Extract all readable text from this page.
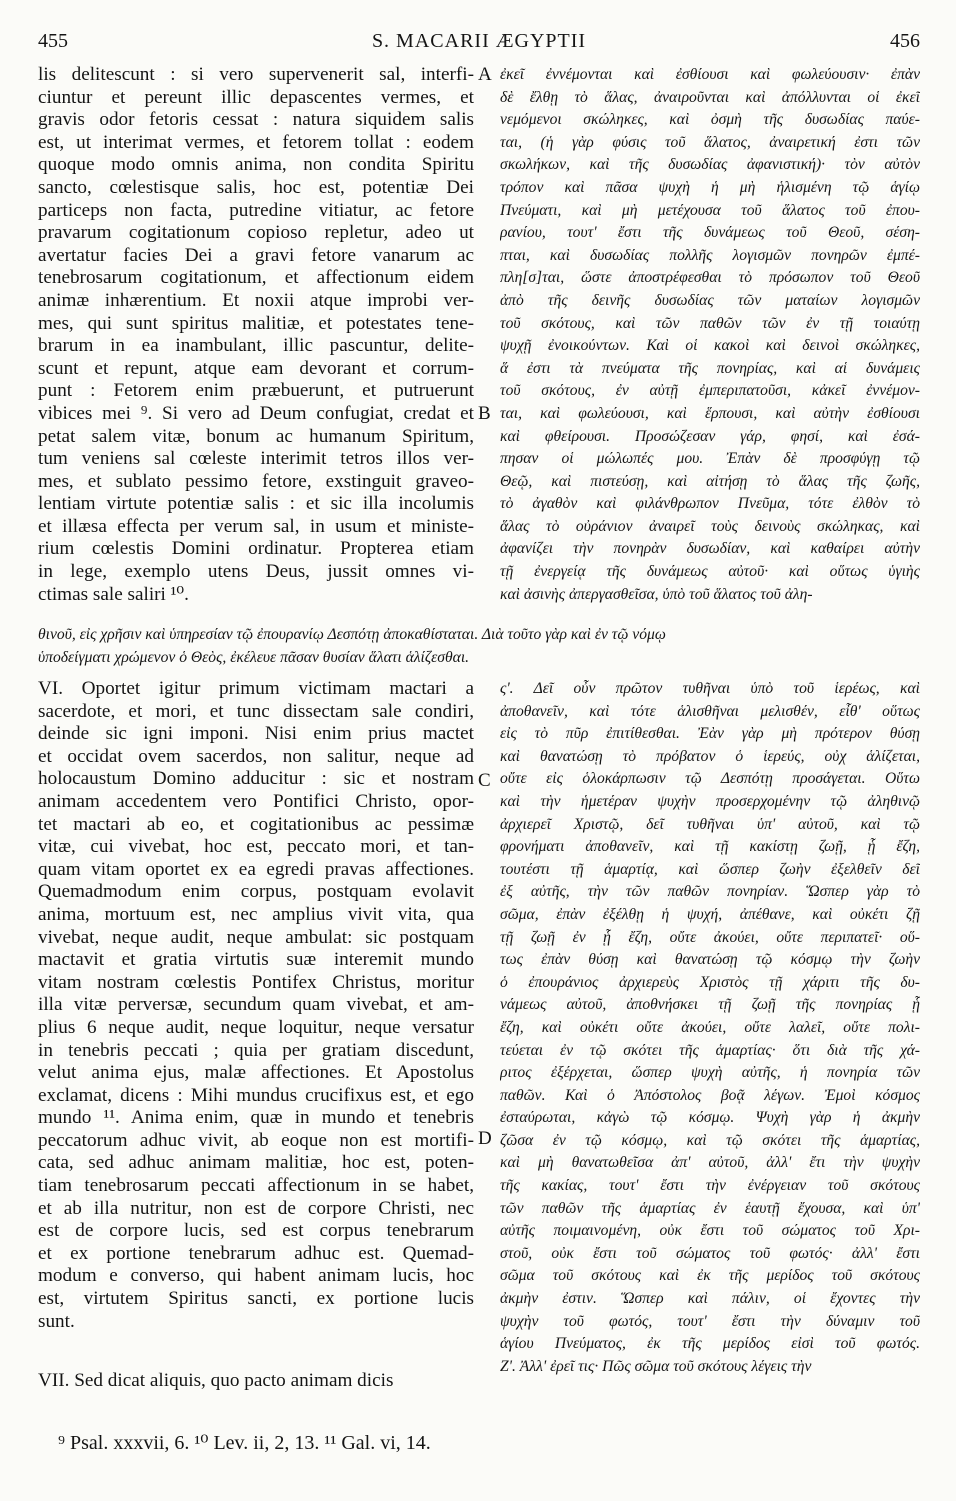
455	S. MACARII ÆGYPTII	456
lis delitescunt : si vero supervenerit sal, interfi-
ciuntur et pereunt illic depascentes vermes, et
gravis odor fetoris cessat : natura siquidem salis
est, ut interimat vermes, et fetorem tollat : eodem
quoque modo omnis anima, non condita Spiritu
sancto, cœlestisque salis, hoc est, potentiæ Dei
particeps non facta, putredine vitiatur, ac fetore
pravarum cogitationum copioso repletur, adeo ut
avertatur facies Dei a gravi fetore vanarum ac
tenebrosarum cogitationum, et affectionum eidem
animæ inhærentium. Et noxii atque improbi ver-
mes, qui sunt spiritus malitiæ, et potestates tene-
brarum in ea inambulant, illic pascuntur, delite-
scunt et repunt, atque eam devorant et corrum-
punt : Fetorem enim præbuerunt, et putruerunt
vibices mei ⁹. Si vero ad Deum confugiat, credat et
petat salem vitæ, bonum ac humanum Spiritum,
tum veniens sal cœleste interimit tetros illos ver-
mes, et sublato pessimo fetore, exstinguit graveo-
lentiam virtute potentiæ salis : et sic illa incolumis
et illæsa effecta per verum sal, in usum et ministe-
rium cœlestis Domini ordinatur. Propterea etiam
in lege, exemplo utens Deus, jussit omnes vi-
ctimas sale saliri ¹⁰.
ἐκεῖ ἐννέμονται καὶ ἐσθίουσι καὶ φωλεύουσιν· ἐπὰν
δὲ ἔλθῃ τὸ ἅλας, ἀναιροῦνται καὶ ἀπόλλυνται οἱ ἐκεῖ
νεμόμενοι σκώληκες, καὶ ὀσμὴ τῆς δυσωδίας παύε-
ται, (ἡ γὰρ φύσις τοῦ ἅλατος, ἀναιρετική ἐστι τῶν
σκωλήκων, καὶ τῆς δυσωδίας ἀφανιστική)· τὸν αὐτὸν
τρόπον καὶ πᾶσα ψυχὴ ἡ μὴ ἡλισμένη τῷ ἁγίῳ
Πνεύματι, καὶ μὴ μετέχουσα τοῦ ἅλατος τοῦ ἐπου-
ρανίου, τουτ' ἔστι τῆς δυνάμεως τοῦ Θεοῦ, σέση-
πται, καὶ δυσωδίας πολλῆς λογισμῶν πονηρῶν ἐμπέ-
πλη[σ]ται, ὥστε ἀποστρέφεσθαι τὸ πρόσωπον τοῦ Θεοῦ
ἀπὸ τῆς δεινῆς δυσωδίας τῶν ματαίων λογισμῶν
τοῦ σκότους, καὶ τῶν παθῶν τῶν ἐν τῇ τοιαύτῃ
ψυχῇ ἐνοικούντων. Καὶ οἱ κακοὶ καὶ δεινοὶ σκώληκες,
ἅ ἐστι τὰ πνεύματα τῆς πονηρίας, καὶ αἱ δυνάμεις
τοῦ σκότους, ἐν αὐτῇ ἐμπεριπατοῦσι, κἀκεῖ ἐννέμον-
ται, καὶ φωλεύουσι, καὶ ἕρπουσι, καὶ αὐτὴν ἐσθίουσι
καὶ φθείρουσι. Προσώζεσαν γάρ, φησί, καὶ ἐσά-
πησαν οἱ μώλωπές μου. Ἐπὰν δὲ προσφύγῃ τῷ
Θεῷ, καὶ πιστεύσῃ, καὶ αἰτήσῃ τὸ ἅλας τῆς ζωῆς,
τὸ ἀγαθὸν καὶ φιλάνθρωπον Πνεῦμα, τότε ἐλθὸν τὸ
ἅλας τὸ οὐράνιον ἀναιρεῖ τοὺς δεινοὺς σκώληκας, καὶ
ἀφανίζει τὴν πονηρὰν δυσωδίαν, καὶ καθαίρει αὐτὴν
τῇ ἐνεργείᾳ τῆς δυνάμεως αὐτοῦ· καὶ οὕτως ὑγιὴς
καὶ ἀσινὴς ἀπεργασθεῖσα, ὑπὸ τοῦ ἅλατος τοῦ ἀλη-
θινοῦ, εἰς χρῆσιν καὶ ὑπηρεσίαν τῷ ἐπουρανίῳ Δεσπότῃ ἀποκαθίσταται. Διὰ τοῦτο γὰρ καὶ ἐν τῷ νόμῳ
ὑποδείγματι χρώμενον ὁ Θεὸς, ἐκέλευε πᾶσαν θυσίαν ἅλατι ἁλίζεσθαι.
VI. Oportet igitur primum victimam mactari a
sacerdote, et mori, et tunc dissectam sale condiri,
deinde sic igni imponi. Nisi enim prius mactet
et occidat ovem sacerdos, non salitur, neque ad
holocaustum Domino adducitur : sic et nostram
animam accedentem vero Pontifici Christo, opor-
tet mactari ab eo, et cogitationibus ac pessimæ
vitæ, cui vivebat, hoc est, peccato mori, et tan-
quam vitam oportet ex ea egredi pravas affectiones.
Quemadmodum enim corpus, postquam evolavit
anima, mortuum est, nec amplius vivit vita, qua
vivebat, neque audit, neque ambulat: sic postquam
mactavit et gratia virtutis suæ interemit mundo
vitam nostram cœlestis Pontifex Christus, moritur
illa vitæ perversæ, secundum quam vivebat, et am-
plius 6 neque audit, neque loquitur, neque versatur
in tenebris peccati ; quia per gratiam discedunt,
velut anima ejus, malæ affectiones. Et Apostolus
exclamat, dicens : Mihi mundus crucifixus est, et ego
mundo ¹¹. Anima enim, quæ in mundo et tenebris
peccatorum adhuc vivit, ab eoque non est mortifi-
cata, sed adhuc animam malitiæ, hoc est, poten-
tiam tenebrosarum peccati affectionum in se habet,
et ab illa nutritur, non est de corpore Christi, nec
est de corpore lucis, sed est corpus tenebrarum
et ex portione tenebrarum adhuc est. Quemad-
modum e converso, qui habent animam lucis, hoc
est, virtutem Spiritus sancti, ex portione lucis
sunt.
VII. Sed dicat aliquis, quo pacto animam dicis
ς'. Δεῖ οὖν πρῶτον τυθῆναι ὑπὸ τοῦ ἱερέως, καὶ
ἀποθανεῖν, καὶ τότε ἁλισθῆναι μελισθέν, εἶθ' οὕτως
εἰς τὸ πῦρ ἐπιτίθεσθαι. Ἐὰν γὰρ μὴ πρότερον θύσῃ
καὶ θανατώσῃ τὸ πρόβατον ὁ ἱερεύς, οὐχ ἁλίζεται,
οὔτε εἰς ὁλοκάρπωσιν τῷ Δεσπότῃ προσάγεται. Οὕτω
καὶ τὴν ἡμετέραν ψυχὴν προσερχομένην τῷ ἀληθινῷ
ἀρχιερεῖ Χριστῷ, δεῖ τυθῆναι ὑπ' αὐτοῦ, καὶ τῷ
φρονήματι ἀποθανεῖν, καὶ τῇ κακίστῃ ζωῇ, ᾗ ἔζη,
τουτέστι τῇ ἁμαρτίᾳ, καὶ ὥσπερ ζωὴν ἐξελθεῖν δεῖ
ἐξ αὐτῆς, τὴν τῶν παθῶν πονηρίαν. Ὥσπερ γὰρ τὸ
σῶμα, ἐπὰν ἐξέλθῃ ἡ ψυχή, ἀπέθανε, καὶ οὐκέτι ζῇ
τῇ ζωῇ ἐν ᾗ ἔζη, οὔτε ἀκούει, οὔτε περιπατεῖ· οὕ-
τως ἐπὰν θύσῃ καὶ θανατώσῃ τῷ κόσμῳ τὴν ζωὴν
ὁ ἐπουράνιος ἀρχιερεὺς Χριστὸς τῇ χάριτι τῆς δυ-
νάμεως αὐτοῦ, ἀποθνήσκει τῇ ζωῇ τῆς πονηρίας ᾗ
ἔζη, καὶ οὐκέτι οὔτε ἀκούει, οὔτε λαλεῖ, οὔτε πολι-
τεύεται ἐν τῷ σκότει τῆς ἁμαρτίας· ὅτι διὰ τῆς χά-
ριτος ἐξέρχεται, ὥσπερ ψυχὴ αὐτῆς, ἡ πονηρία τῶν
παθῶν. Καὶ ὁ Ἀπόστολος βοᾷ λέγων. Ἐμοὶ κόσμος
ἐσταύρωται, κἀγὼ τῷ κόσμῳ. Ψυχὴ γὰρ ἡ ἀκμὴν
ζῶσα ἐν τῷ κόσμῳ, καὶ τῷ σκότει τῆς ἁμαρτίας,
καὶ μὴ θανατωθεῖσα ἀπ' αὐτοῦ, ἀλλ' ἔτι τὴν ψυχὴν
τῆς κακίας, τουτ' ἔστι τὴν ἐνέργειαν τοῦ σκότους
τῶν παθῶν τῆς ἁμαρτίας ἐν ἑαυτῇ ἔχουσα, καὶ ὑπ'
αὐτῆς ποιμαινομένη, οὐκ ἔστι τοῦ σώματος τοῦ Χρι-
στοῦ, οὐκ ἔστι τοῦ σώματος τοῦ φωτός· ἀλλ' ἔστι
σῶμα τοῦ σκότους καὶ ἐκ τῆς μερίδος τοῦ σκότους
ἀκμὴν ἐστιν. Ὥσπερ καὶ πάλιν, οἱ ἔχοντες τὴν
ψυχὴν τοῦ φωτός, τουτ' ἔστι τὴν δύναμιν τοῦ
ἁγίου Πνεύματος, ἐκ τῆς μερίδος εἰσὶ τοῦ φωτός.
Ζ'. Ἀλλ' ἐρεῖ τις· Πῶς σῶμα τοῦ σκότους λέγεις τὴν
A
B
C
D
⁹ Psal. xxxvii, 6. ¹⁰ Lev. ii, 2, 13. ¹¹ Gal. vi, 14.
